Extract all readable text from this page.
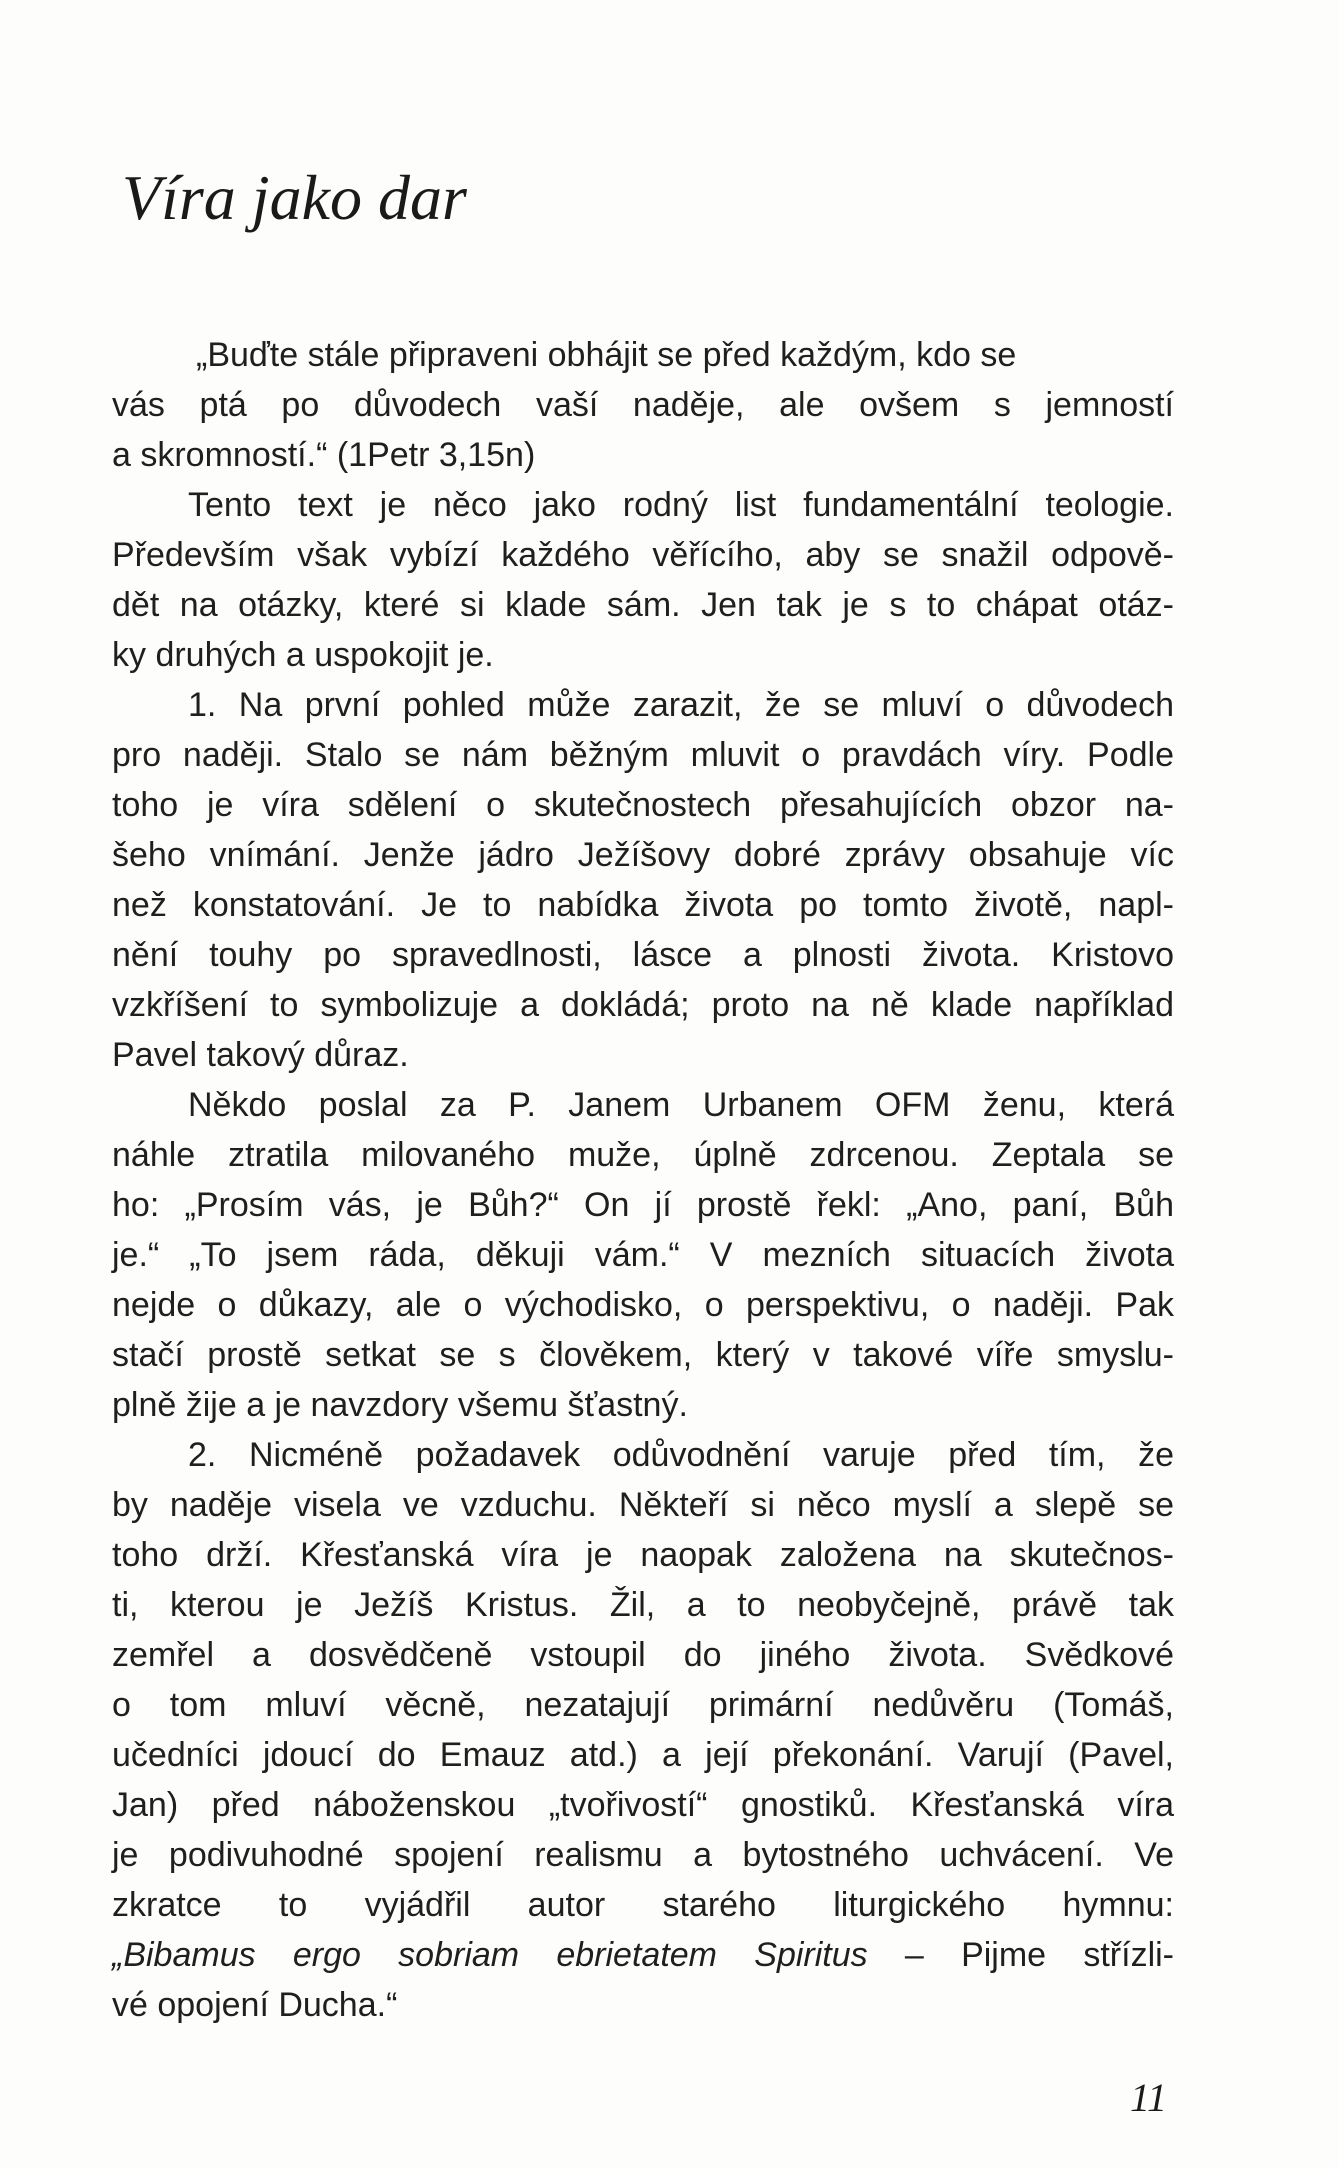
Víra jako dar
„Buďte stále připraveni obhájit se před každým, kdo se
vás ptá po důvodech vaší naděje, ale ovšem s jemností
a skromností.“ (1Petr 3,15n)
Tento text je něco jako rodný list fundamentální teologie.
Především však vybízí každého věřícího, aby se snažil odpově-
dět na otázky, které si klade sám. Jen tak je s to chápat otáz-
ky druhých a uspokojit je.
1. Na první pohled může zarazit, že se mluví o důvodech
pro naději. Stalo se nám běžným mluvit o pravdách víry. Podle
toho je víra sdělení o skutečnostech přesahujících obzor na-
šeho vnímání. Jenže jádro Ježíšovy dobré zprávy obsahuje víc
než konstatování. Je to nabídka života po tomto životě, napl-
nění touhy po spravedlnosti, lásce a plnosti života. Kristovo
vzkříšení to symbolizuje a dokládá; proto na ně klade například
Pavel takový důraz.
Někdo poslal za P. Janem Urbanem OFM ženu, která
náhle ztratila milovaného muže, úplně zdrcenou. Zeptala se
ho: „Prosím vás, je Bůh?“ On jí prostě řekl: „Ano, paní, Bůh
je.“ „To jsem ráda, děkuji vám.“ V mezních situacích života
nejde o důkazy, ale o východisko, o perspektivu, o naději. Pak
stačí prostě setkat se s člověkem, který v takové víře smyslu-
plně žije a je navzdory všemu šťastný.
2. Nicméně požadavek odůvodnění varuje před tím, že
by naděje visela ve vzduchu. Někteří si něco myslí a slepě se
toho drží. Křesťanská víra je naopak založena na skutečnos-
ti, kterou je Ježíš Kristus. Žil, a to neobyčejně, právě tak
zemřel a dosvědčeně vstoupil do jiného života. Svědkové
o tom mluví věcně, nezatajují primární nedůvěru (Tomáš,
učedníci jdoucí do Emauz atd.) a její překonání. Varují (Pavel,
Jan) před náboženskou „tvořivostí“ gnostiků. Křesťanská víra
je podivuhodné spojení realismu a bytostného uchvácení. Ve
zkratce to vyjádřil autor starého liturgického hymnu:
„Bibamus ergo sobriam ebrietatem Spiritus – Pijme střízli-
vé opojení Ducha.“
11
